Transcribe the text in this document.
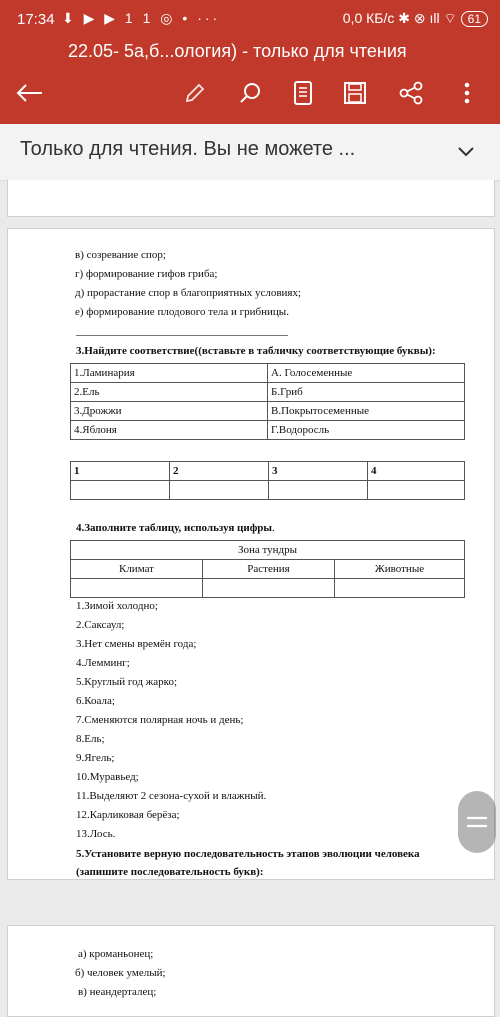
17:34 ⬇ ▶ ▶ 1 1 ◎ • ···	0,0 КБ/с ✱ ⊗ ıll ⌔ 61
22.05- 5а,б...ология) - только для чтения
Только для чтения. Вы не можете ...
в) созревание спор;
г) формирование гифов гриба;
д) прорастание спор в благоприятных условиях;
е) формирование плодового тела и грибницы.
3.Найдите соответствие((вставьте в табличку соответствующие буквы):
1.Ламинария	А. Голосеменные
2.Ель	Б.Гриб
3.Дрожжи	В.Покрытосеменные
4.Яблоня	Г.Водоросль
1	2	3	4

4.Заполните таблицу, используя цифры.
Зона тундры		
Климат	Растения	Животные

1.Зимой холодно;
2.Саксаул;
3.Нет смены времён года;
4.Лемминг;
5.Круглый год жарко;
6.Коала;
7.Сменяются полярная ночь и день;
8.Ель;
9.Ягель;
10.Муравьед;
11.Выделяют 2 сезона-сухой и влажный.
12.Карликовая берёза;
13.Лось.
5.Установите верную последовательность этапов эволюции человека
(запишите последовательность букв):
а) кроманьонец;
б) человек умелый;
в) неандерталец;
